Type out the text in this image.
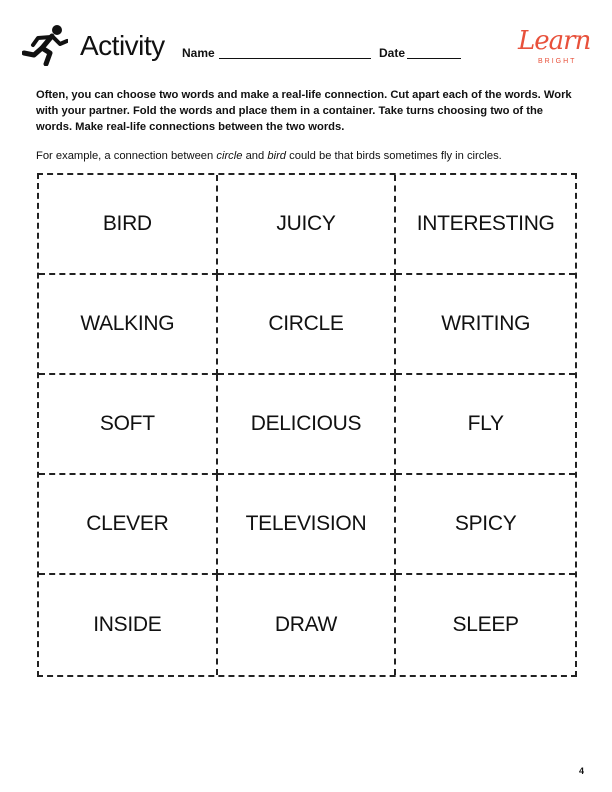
Activity Name	Date	Learn
BRIGHT
Often, you can choose two words and make a real-life connection. Cut apart each of the words. Work with your partner. Fold the words and place them in a container. Take turns choosing two of the words. Make real-life connections between the two words.
For example, a connection between circle and bird could be that birds sometimes fly in circles.
BIRD	JUICY	INTERESTING
WALKING	CIRCLE	WRITING
SOFT	DELICIOUS	FLY
CLEVER	TELEVISION	SPICY
INSIDE	DRAW	SLEEP
4
